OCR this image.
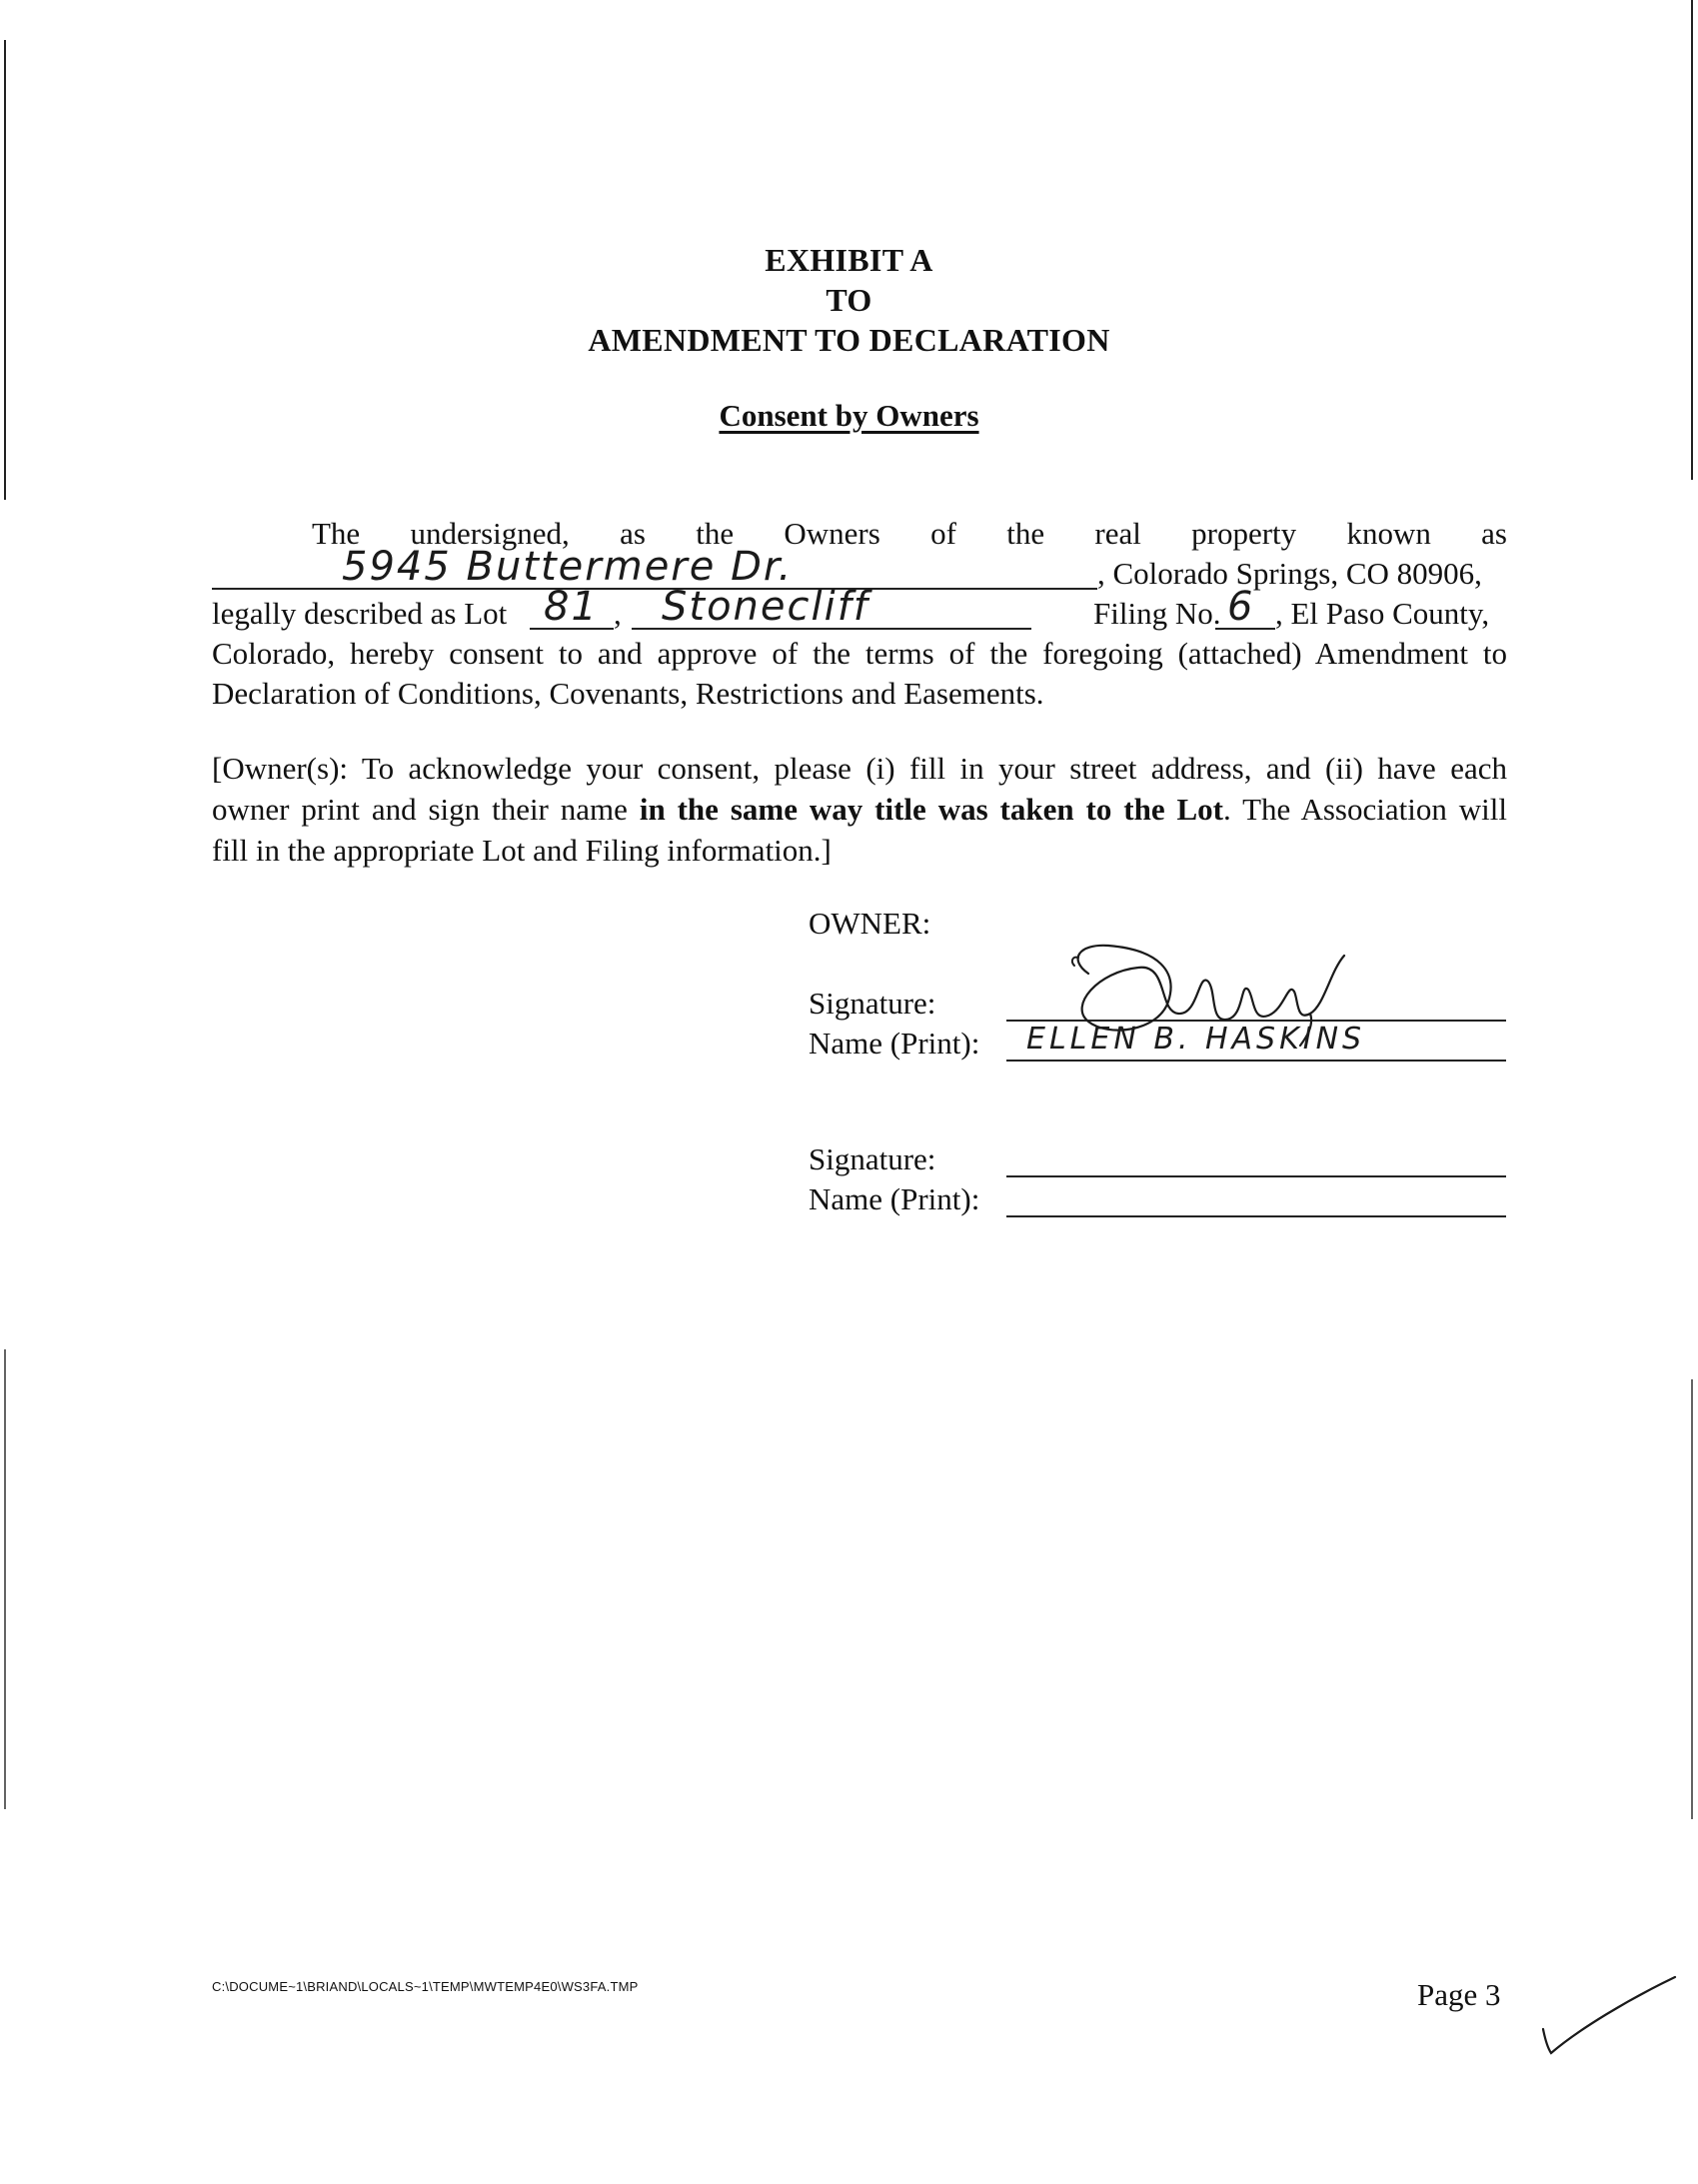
EXHIBIT A
TO
AMENDMENT TO DECLARATION
Consent by Owners
The undersigned, as the Owners of the real property known as
5945 Buttermere Dr.	, Colorado Springs, CO 80906,
legally described as Lot 81 , Stonecliff	Filing No. 6 , El Paso County,
Colorado, hereby consent to and approve of the terms of the foregoing (attached) Amendment to
Declaration of Conditions, Covenants, Restrictions and Easements.
[Owner(s): To acknowledge your consent, please (i) fill in your street address, and (ii) have each
owner print and sign their name in the same way title was taken to the Lot. The Association will
fill in the appropriate Lot and Filing information.]
OWNER:
Signature:
Name (Print): ELLEN B. HASKINS
Signature:
Name (Print):
C:\DOCUME~1\BRIAND\LOCALS~1\TEMP\MWTEMP4E0\WS3FA.TMP	Page 3
